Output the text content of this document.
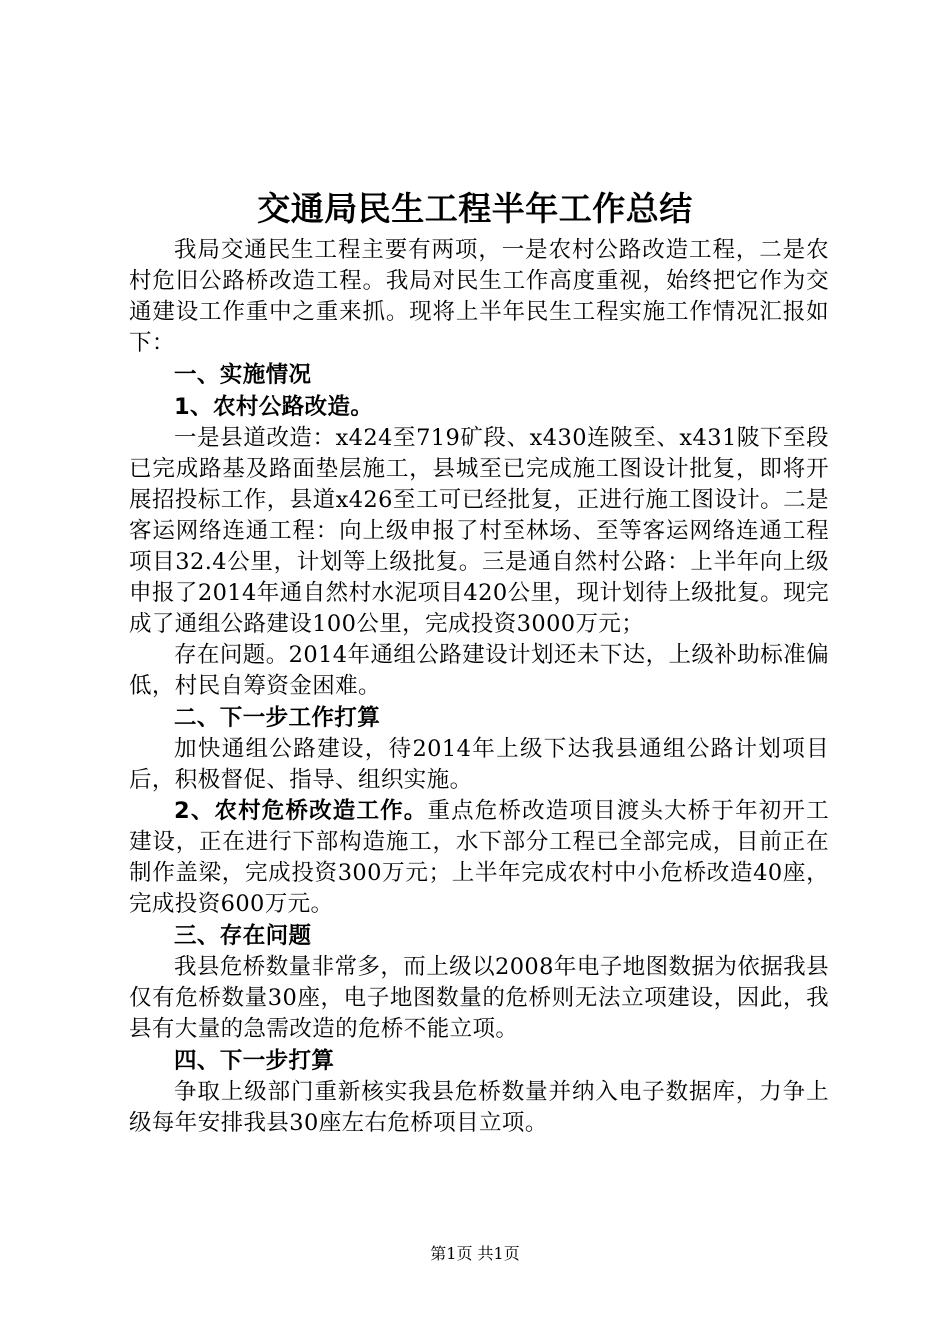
交通局民生工程半年工作总结

我局交通民生工程主要有两项，一是农村公路改造工程，二是农村危旧公路桥改造工程。我局对民生工作高度重视，始终把它作为交通建设工作重中之重来抓。现将上半年民生工程实施工作情况汇报如下：

一、实施情况
1、农村公路改造。

一是县道改造：x424至719矿段、x430连陂至、x431陂下至段已完成路基及路面垫层施工，县城至已完成施工图设计批复，即将开展招投标工作，县道x426至工可已经批复，正进行施工图设计。二是客运网络连通工程：向上级申报了村至林场、至等客运网络连通工程项目32.4公里，计划等上级批复。三是通自然村公路：上半年向上级申报了2014年通自然村水泥项目420公里，现计划待上级批复。现完成了通组公路建设100公里，完成投资3000万元；

存在问题。2014年通组公路建设计划还未下达，上级补助标准偏低，村民自筹资金困难。

二、下一步工作打算

加快通组公路建设，待2014年上级下达我县通组公路计划项目后，积极督促、指导、组织实施。

2、农村危桥改造工作。重点危桥改造项目渡头大桥于年初开工建设，正在进行下部构造施工，水下部分工程已全部完成，目前正在制作盖梁，完成投资300万元；上半年完成农村中小危桥改造40座，完成投资600万元。

三、存在问题

我县危桥数量非常多，而上级以2008年电子地图数据为依据我县仅有危桥数量30座，电子地图数量的危桥则无法立项建设，因此，我县有大量的急需改造的危桥不能立项。

四、下一步打算

争取上级部门重新核实我县危桥数量并纳入电子数据库，力争上级每年安排我县30座左右危桥项目立项。

第1页 共1页
